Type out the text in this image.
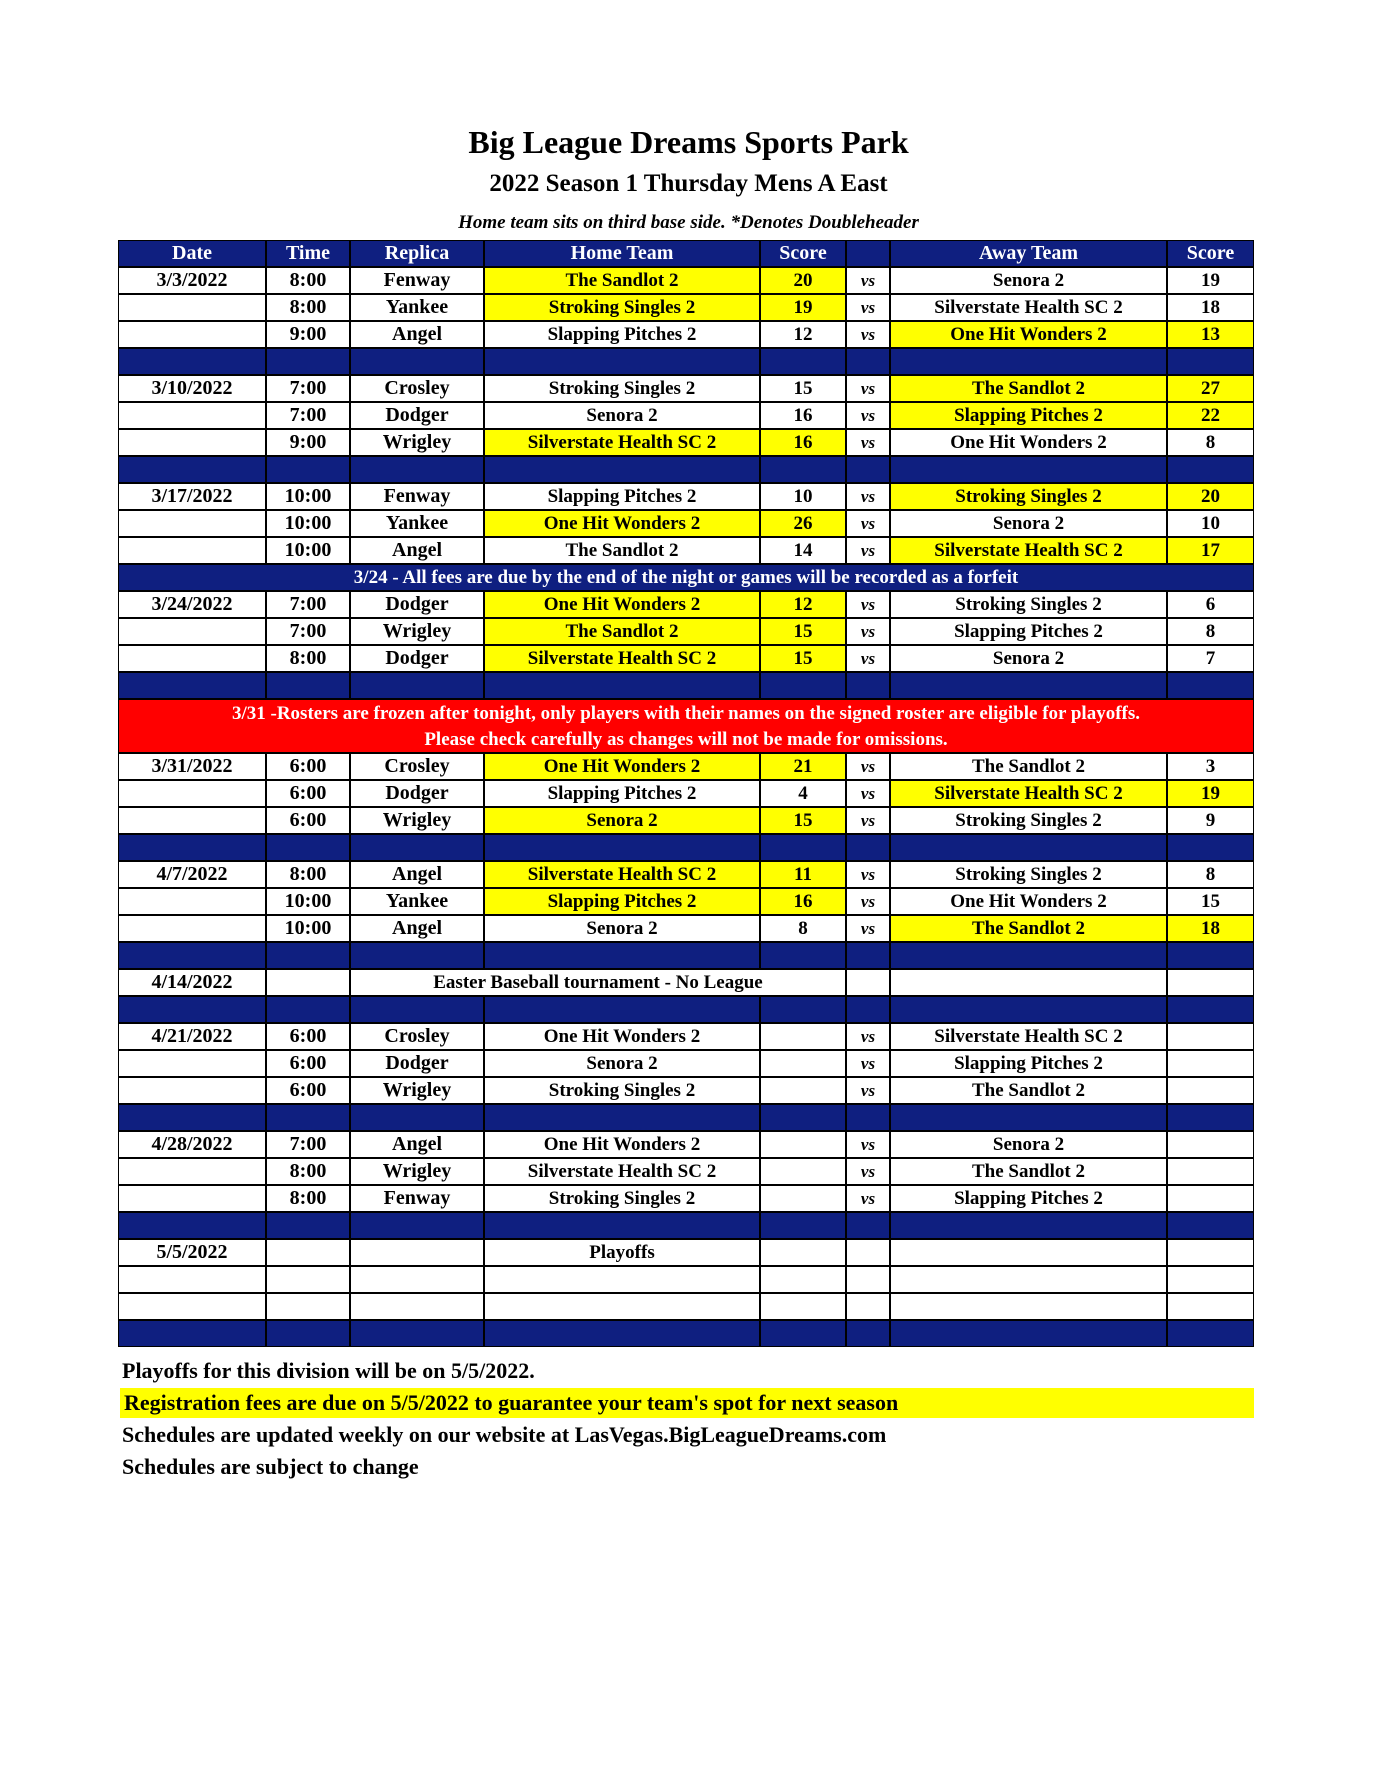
Big League Dreams Sports Park
2022 Season 1 Thursday Mens A East
Home team sits on third base side. *Denotes Doubleheader
Date	Time	Replica	Home Team	Score	Away Team	Score
3/3/2022	8:00	Fenway	The Sandlot 2	20	vs	Senora 2	19
8:00	Yankee	Stroking Singles 2	19	vs	Silverstate Health SC 2	18
9:00	Angel	Slapping Pitches 2	12	vs	One Hit Wonders 2	13
3/10/2022	7:00	Crosley	Stroking Singles 2	15	vs	The Sandlot 2	27
7:00	Dodger	Senora 2	16	vs	Slapping Pitches 2	22
9:00	Wrigley	Silverstate Health SC 2	16	vs	One Hit Wonders 2	8
3/17/2022	10:00	Fenway	Slapping Pitches 2	10	vs	Stroking Singles 2	20
10:00	Yankee	One Hit Wonders 2	26	vs	Senora 2	10
10:00	Angel	The Sandlot 2	14	vs	Silverstate Health SC 2	17
3/24 - All fees are due by the end of the night or games will be recorded as a forfeit
3/24/2022	7:00	Dodger	One Hit Wonders 2	12	vs	Stroking Singles 2	6
7:00	Wrigley	The Sandlot 2	15	vs	Slapping Pitches 2	8
8:00	Dodger	Silverstate Health SC 2	15	vs	Senora 2	7
3/31 -Rosters are frozen after tonight, only players with their names on the signed roster are eligible for playoffs.
Please check carefully as changes will not be made for omissions.
3/31/2022	6:00	Crosley	One Hit Wonders 2	21	vs	The Sandlot 2	3
6:00	Dodger	Slapping Pitches 2	4	vs	Silverstate Health SC 2	19
6:00	Wrigley	Senora 2	15	vs	Stroking Singles 2	9
4/7/2022	8:00	Angel	Silverstate Health SC 2	11	vs	Stroking Singles 2	8
10:00	Yankee	Slapping Pitches 2	16	vs	One Hit Wonders 2	15
10:00	Angel	Senora 2	8	vs	The Sandlot 2	18
4/14/2022	Easter Baseball tournament - No League
4/21/2022	6:00	Crosley	One Hit Wonders 2	vs	Silverstate Health SC 2
6:00	Dodger	Senora 2	vs	Slapping Pitches 2
6:00	Wrigley	Stroking Singles 2	vs	The Sandlot 2
4/28/2022	7:00	Angel	One Hit Wonders 2	vs	Senora 2
8:00	Wrigley	Silverstate Health SC 2	vs	The Sandlot 2
8:00	Fenway	Stroking Singles 2	vs	Slapping Pitches 2
5/5/2022	Playoffs
Playoffs for this division will be on 5/5/2022.
Registration fees are due on 5/5/2022 to guarantee your team's spot for next season
Schedules are updated weekly on our website at LasVegas.BigLeagueDreams.com
Schedules are subject to change
